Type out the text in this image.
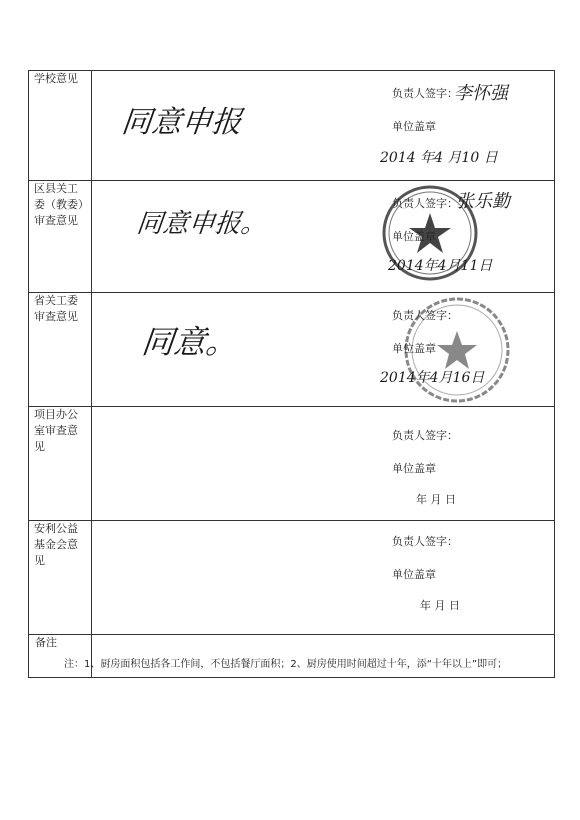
学校意见	同意申报
负责人签字：
单位盖章
李怀强
2014 年4 月10 日

区县关工委（教委）审查意见	同意申报。
负责人签字：
单位盖章
张乐勤
2014年4月11日

省关工委审查意见	同意。
负责人签字：
单位盖章
2014年4月16日

项目办公室审查意见	负责人签字：
单位盖章
年 月 日

安利公益基金会意见	负责人签字：
单位盖章
年 月 日

备注	
注：1、厨房面积包括各工作间，不包括餐厅面积；2、厨房使用时间超过十年，添“十年以上”即可；
